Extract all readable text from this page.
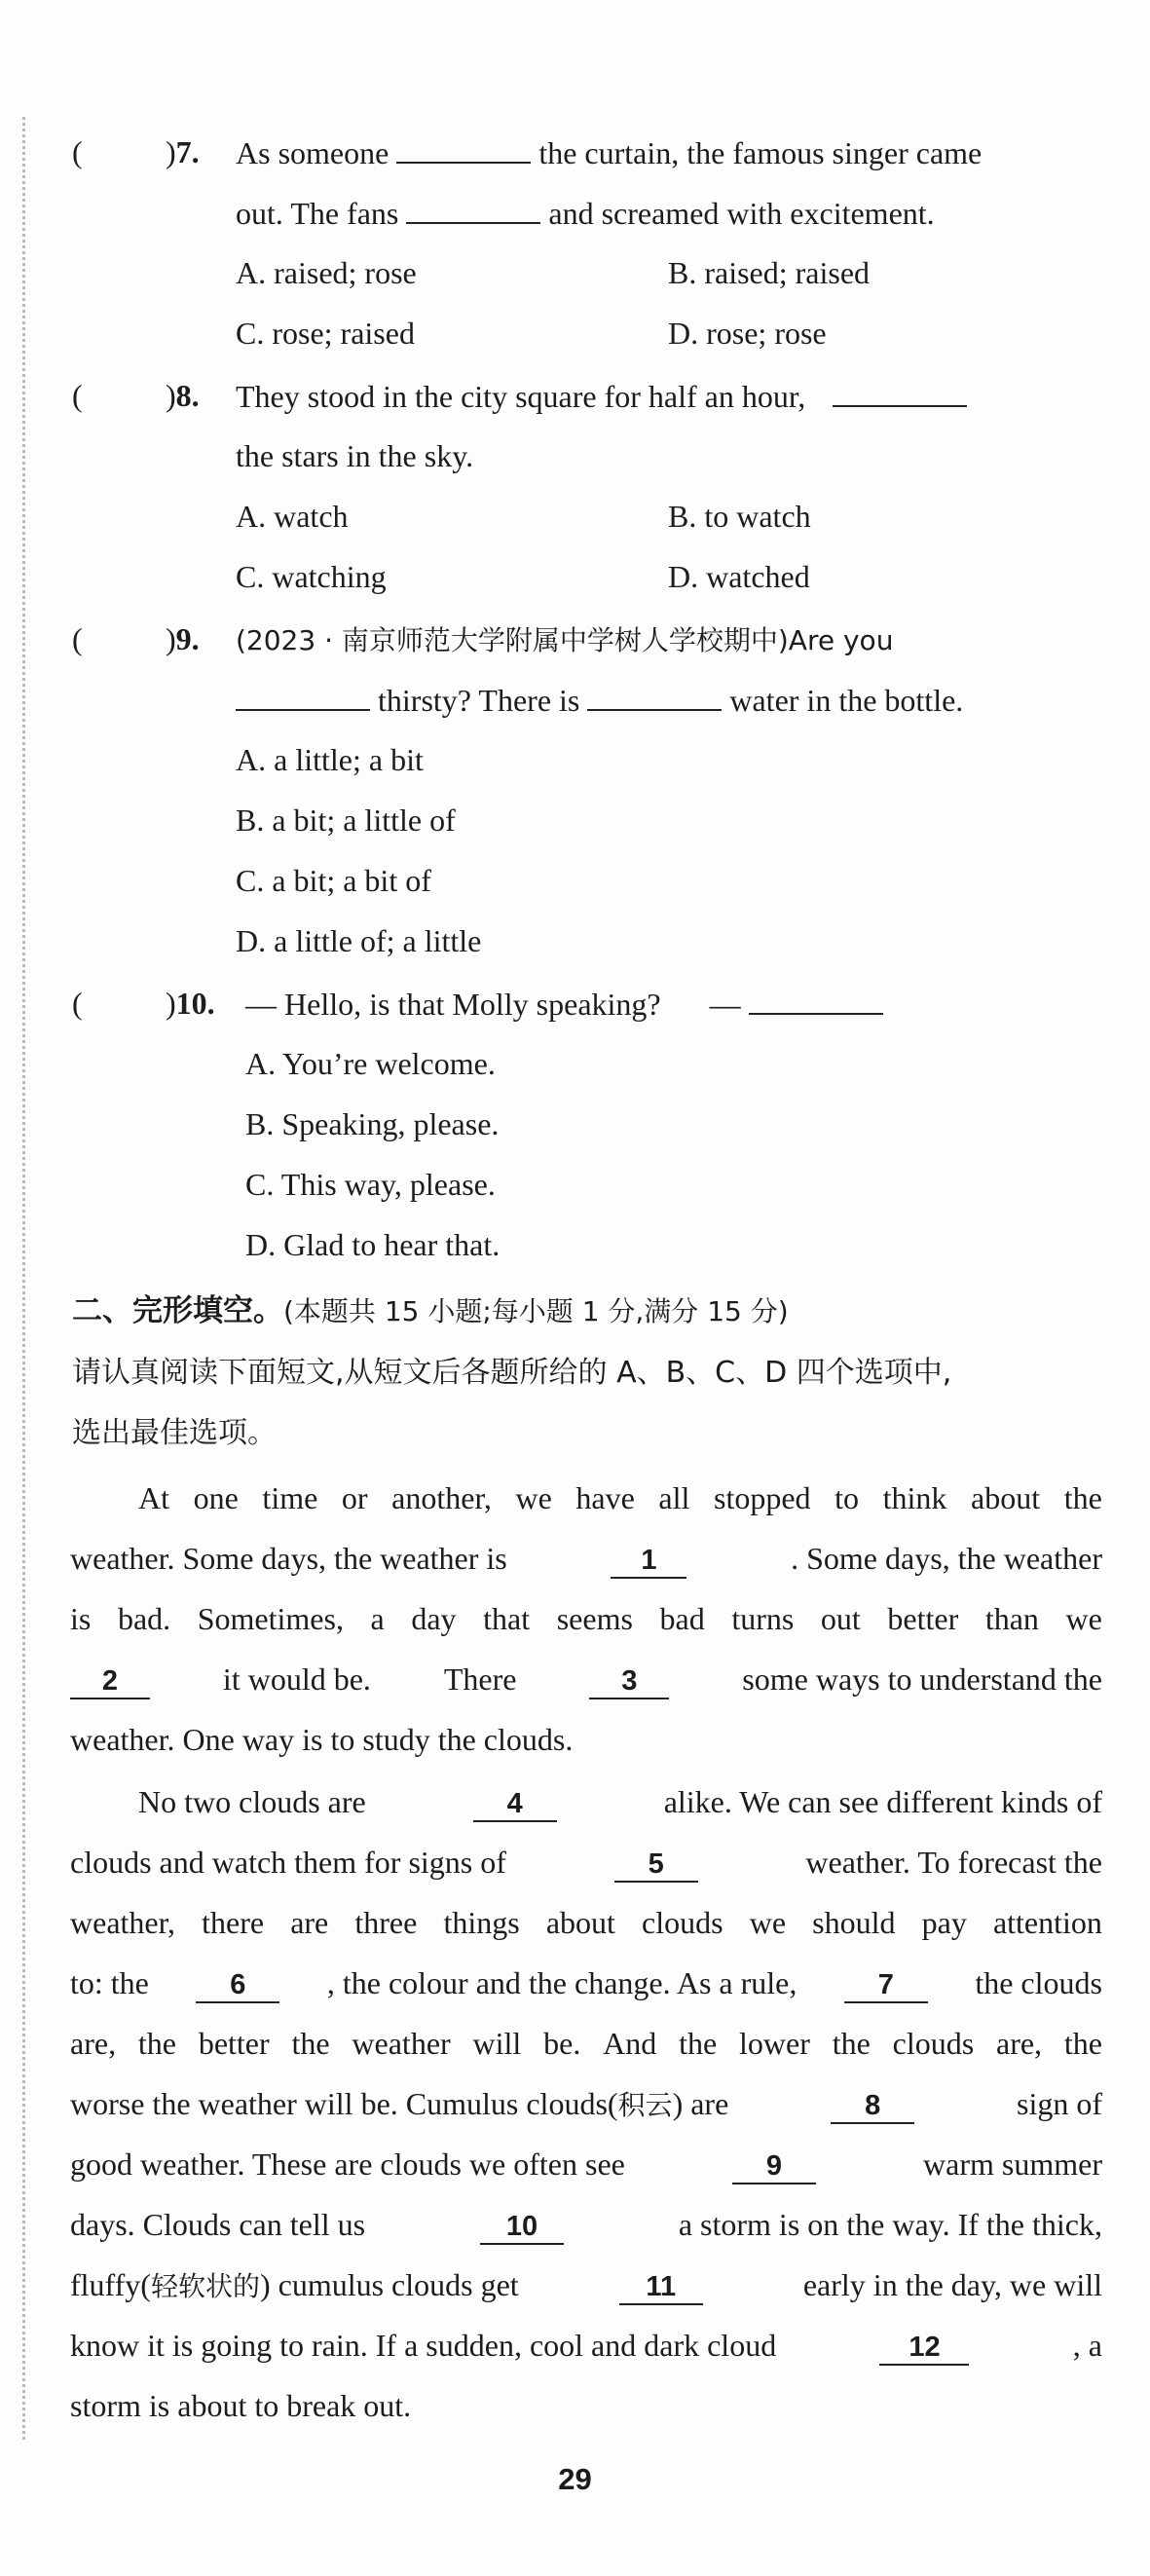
(	)7. As someone	the curtain, the famous singer came
out. The fans	and screamed with excitement.
A. raised; rose	B. raised; raised
C. rose; raised	D. rose; rose
(	)8. They stood in the city square for half an hour,
the stars in the sky.
A. watch	B. to watch
C. watching	D. watched
(	)9. (2023 · 南京师范大学附属中学树人学校期中)Are you
thirsty? There is	water in the bottle.
A. a little; a bit
B. a bit; a little of
C. a bit; a bit of
D. a little of; a little
(	)10. — Hello, is that Molly speaking? —
A. You’re welcome.
B. Speaking, please.
C. This way, please.
D. Glad to hear that.
二、完形填空。(本题共 15 小题;每小题 1 分,满分 15 分)
请认真阅读下面短文,从短文后各题所给的 A、B、C、D 四个选项中,
选出最佳选项。
At one time or another, we have all stopped to think about the
weather. Some days, the weather is	1	. Some days, the weather
is bad. Sometimes, a day that seems bad turns out better than we
2	it would be. There	3	some ways to understand the
weather. One way is to study the clouds.
No two clouds are	4	alike. We can see different kinds of
clouds and watch them for signs of	5	weather. To forecast the
weather, there are three things about clouds we should pay attention
to: the	6	, the colour and the change. As a rule,	7	the clouds
are, the better the weather will be. And the lower the clouds are, the
worse the weather will be. Cumulus clouds(积云) are	8	sign of
good weather. These are clouds we often see	9	warm summer
days. Clouds can tell us	10	a storm is on the way. If the thick,
fluffy(轻软状的) cumulus clouds get	11	early in the day, we will
know it is going to rain. If a sudden, cool and dark cloud	12	, a
storm is about to break out.
29
